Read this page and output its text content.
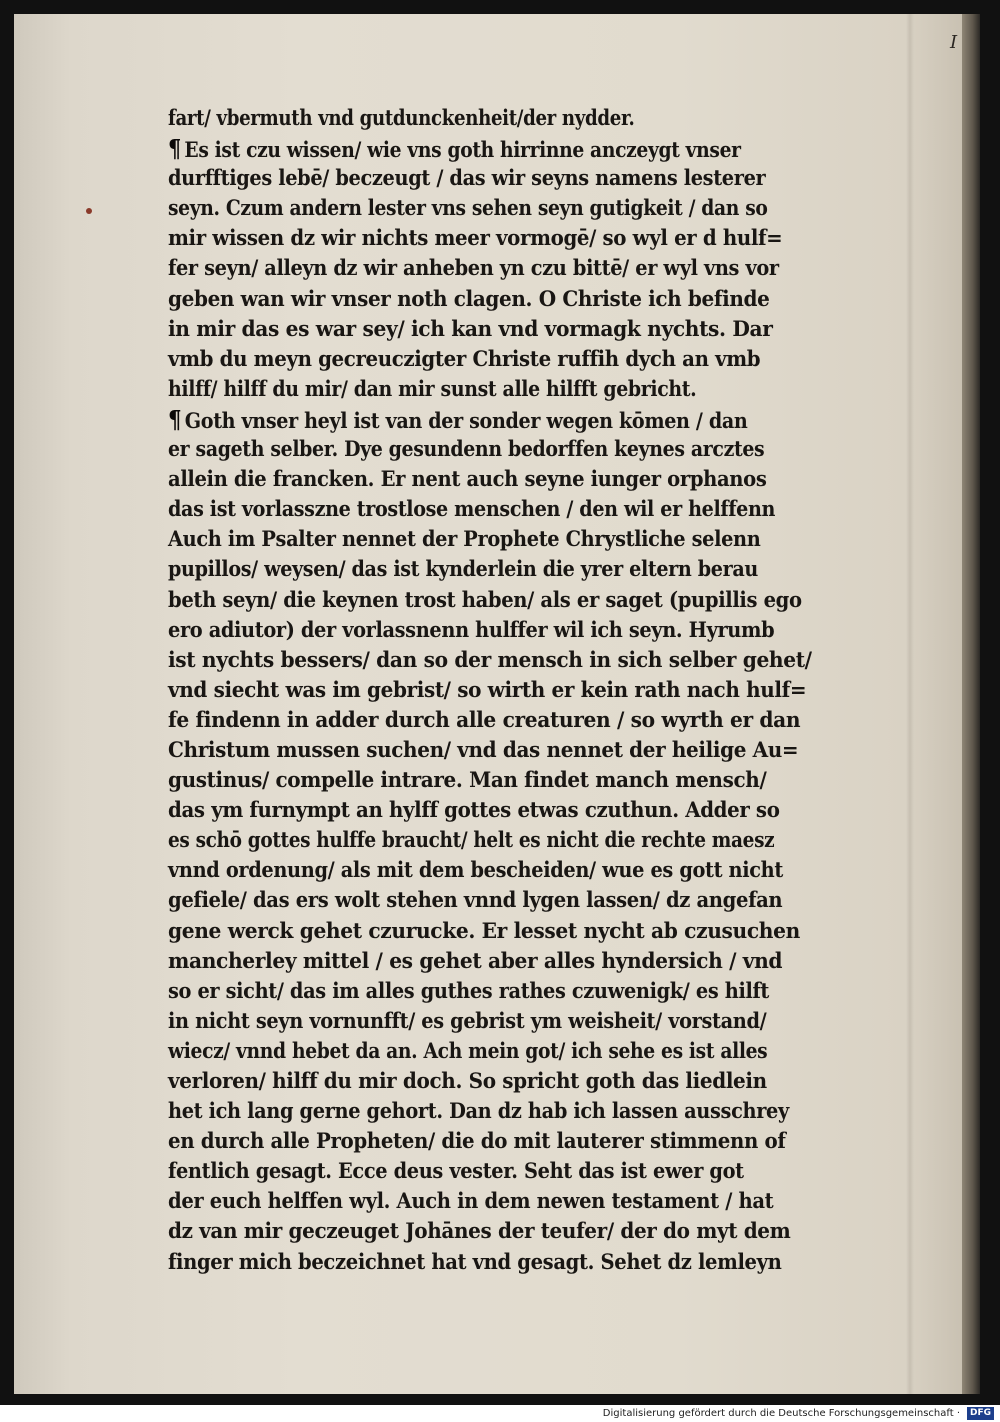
I
fart/ vbermuth vnd gutdunckenheit/der nydder.
¶ Es ist czu wissen/ wie vns goth hirrinne anczeygt vnser
durfftiges lebē/ beczeugt / das wir seyns namens lesterer
seyn. Czum andern lester vns sehen seyn gutigkeit / dan so
mir wissen dz wir nichts meer vormogē/ so wyl er d hulf=
fer seyn/ alleyn dz wir anheben yn czu bittē/ er wyl vns vor
geben wan wir vnser noth clagen. O Christe ich befinde
in mir das es war sey/ ich kan vnd vormagk nychts. Dar
vmb du meyn gecreuczigter Christe ruffih dych an vmb
hilff/ hilff du mir/ dan mir sunst alle hilfft gebricht.
¶ Goth vnser heyl ist van der sonder wegen kōmen / dan
er sageth selber. Dye gesundenn bedorffen keynes arcztes
allein die francken. Er nent auch seyne iunger orphanos
das ist vorlasszne trostlose menschen / den wil er helffenn
Auch im Psalter nennet der Prophete Chrystliche selenn
pupillos/ weysen/ das ist kynderlein die yrer eltern berau
beth seyn/ die keynen trost haben/ als er saget (pupillis ego
ero adiutor) der vorlassnenn hulffer wil ich seyn. Hyrumb
ist nychts bessers/ dan so der mensch in sich selber gehet/
vnd siecht was im gebrist/ so wirth er kein rath nach hulf=
fe findenn in adder durch alle creaturen / so wyrth er dan
Christum mussen suchen/ vnd das nennet der heilige Au=
gustinus/ compelle intrare. Man findet manch mensch/
das ym furnympt an hylff gottes etwas czuthun. Adder so
es schō gottes hulffe braucht/ helt es nicht die rechte maesz
vnnd ordenung/ als mit dem bescheiden/ wue es gott nicht
gefiele/ das ers wolt stehen vnnd lygen lassen/ dz angefan
gene werck gehet czurucke. Er lesset nycht ab czusuchen
mancherley mittel / es gehet aber alles hyndersich / vnd
so er sicht/ das im alles guthes rathes czuwenigk/ es hilft
in nicht seyn vornunfft/ es gebrist ym weisheit/ vorstand/
wiecz/ vnnd hebet da an. Ach mein got/ ich sehe es ist alles
verloren/ hilff du mir doch. So spricht goth das liedlein
het ich lang gerne gehort. Dan dz hab ich lassen ausschrey
en durch alle Propheten/ die do mit lauterer stimmenn of
fentlich gesagt. Ecce deus vester. Seht das ist ewer got
der euch helffen wyl. Auch in dem newen testament / hat
dz van mir geczeuget Johānes der teufer/ der do myt dem
finger mich beczeichnet hat vnd gesagt. Sehet dz lemleyn
Digitalisierung gefördert durch die Deutsche Forschungsgemeinschaft ·	DFG
